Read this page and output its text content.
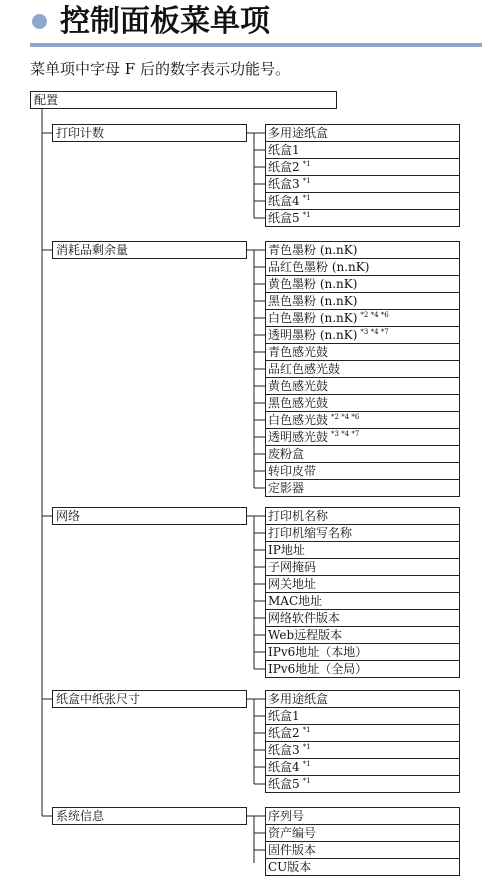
控制面板菜单项
菜单项中字母 F 后的数字表示功能号。
配置
打印计数	多用途纸盒
纸盒1
纸盒2 $^{*1}$
纸盒3 $^{*1}$
纸盒4 $^{*1}$
纸盒5 $^{*1}$
消耗品剩余量	青色墨粉 (n.nK)
品红色墨粉 (n.nK)
黄色墨粉 (n.nK)
黑色墨粉 (n.nK)
白色墨粉 (n.nK) $^{*2 *4 *6}$
透明墨粉 (n.nK) $^{*3 *4 *7}$
青色感光鼓
品红色感光鼓
黄色感光鼓
黑色感光鼓
白色感光鼓 $^{*2 *4 *6}$
透明感光鼓 $^{*3 *4 *7}$
废粉盒
转印皮带
定影器
网络	打印机名称
打印机缩写名称
IP地址
子网掩码
网关地址
MAC地址
网络软件版本
Web远程版本
IPv6地址（本地）
IPv6地址（全局）
纸盒中纸张尺寸	多用途纸盒
纸盒1
纸盒2 $^{*1}$
纸盒3 $^{*1}$
纸盒4 $^{*1}$
纸盒5 $^{*1}$
系统信息	序列号
资产编号
固件版本
CU版本
